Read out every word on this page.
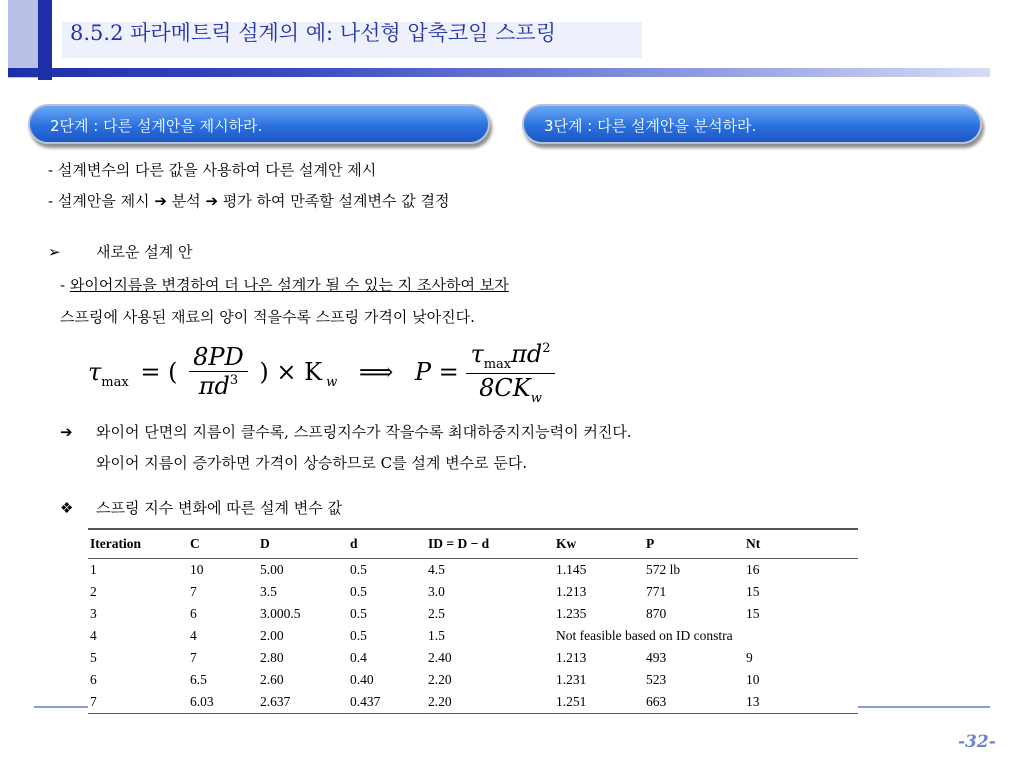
8.5.2 파라메트릭 설계의 예: 나선형 압축코일 스프링
2단계 : 다른 설계안을 제시하라.	3단계 : 다른 설계안을 분석하라.
- 설계변수의 다른 값을 사용하여 다른 설계안 제시
- 설계안을 제시 ➔ 분석 ➔ 평가 하여 만족할 설계변수 값 결정
➢ 새로운 설계 안
- 와이어지름을 변경하여 더 나은 설계가 될 수 있는 지 조사하여 보자
스프링에 사용된 재료의 양이 적을수록 스프링 가격이 낮아진다.
$\tau_{max}$ = ( $\frac{8PD}{\pi d^3}$ ) × K $_w$ ⟹ $P = \frac{\tau_{max}\pi d^2}{8CK_w}$
➔ 와이어 단면의 지름이 클수록, 스프링지수가 작을수록 최대하중지지능력이 커진다.
와이어 지름이 증가하면 가격이 상승하므로 C를 설계 변수로 둔다.
❖ 스프링 지수 변화에 따른 설계 변수 값
Iteration	C	D	d	ID = D − d	Kw	P	Nt
1	10	5.00	0.5	4.5	1.145	572 lb	16
2	7	3.5	0.5	3.0	1.213	771	15
3	6	3.000.5	0.5	2.5	1.235	870	15
4	4	2.00	0.5	1.5	Not feasible based on ID constra		
5	7	2.80	0.4	2.40	1.213	493	9
6	6.5	2.60	0.40	2.20	1.231	523	10
7	6.03	2.637	0.437	2.20	1.251	663	13
-32-
